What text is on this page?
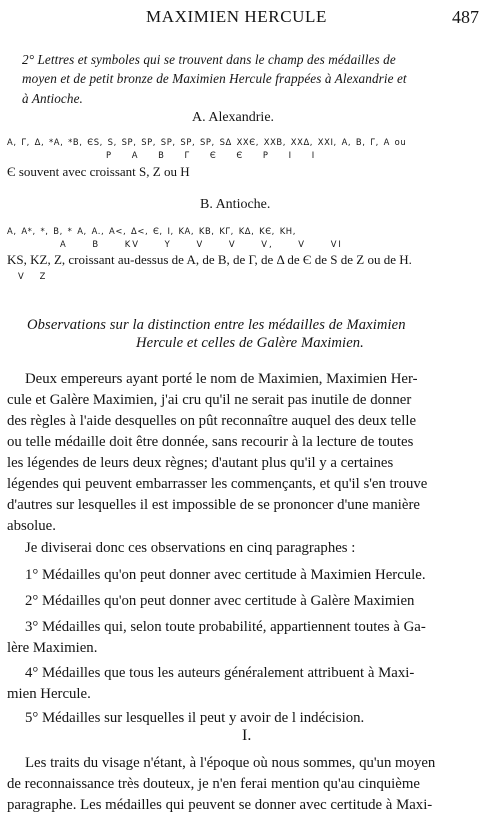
MAXIMIEN HERCULE	487
2° Lettres et symboles qui se trouvent dans le champ des médailles de
moyen et de petit bronze de Maximien Hercule frappées à Alexandrie et
à Antioche.
A. Alexandrie.
A, Γ, Δ, *A, *B, ЄS, S, SP, SP, SP, SP, SP, SΔ XXЄ, XXB, XXΔ, XXI, A, B, Γ, A ou
P A B Γ Є Є P I I
Є souvent avec croissant S, Z ou H
B. Antioche.
A, A*, *, B, * A, A., A<, Δ<, Є, I, KA, KB, KΓ, KΔ, KЄ, KH,
A B KV Y V V V, V VI
KS, KZ, Z, croissant au-dessus de A, de B, de Γ, de Δ de Є de S de Z ou de H.
V Z
Observations sur la distinction entre les médailles de Maximien
Hercule et celles de Galère Maximien.
Deux empereurs ayant porté le nom de Maximien, Maximien Her-
cule et Galère Maximien, j'ai cru qu'il ne serait pas inutile de donner
des règles à l'aide desquelles on pût reconnaître auquel des deux telle
ou telle médaille doit être donnée, sans recourir à la lecture de toutes
les légendes de leurs deux règnes; d'autant plus qu'il y a certaines
légendes qui peuvent embarrasser les commençants, et qu'il s'en trouve
d'autres sur lesquelles il est impossible de se prononcer d'une manière
absolue.
Je diviserai donc ces observations en cinq paragraphes :
1° Médailles qu'on peut donner avec certitude à Maximien Hercule.
2° Médailles qu'on peut donner avec certitude à Galère Maximien
3° Médailles qui, selon toute probabilité, appartiennent toutes à Ga-
lère Maximien.
4° Médailles que tous les auteurs généralement attribuent à Maxi-
mien Hercule.
5° Médailles sur lesquelles il peut y avoir de l indécision.
I.
Les traits du visage n'étant, à l'époque où nous sommes, qu'un moyen
de reconnaissance très douteux, je n'en ferai mention qu'au cinquième
paragraphe. Les médailles qui peuvent se donner avec certitude à Maxi-
